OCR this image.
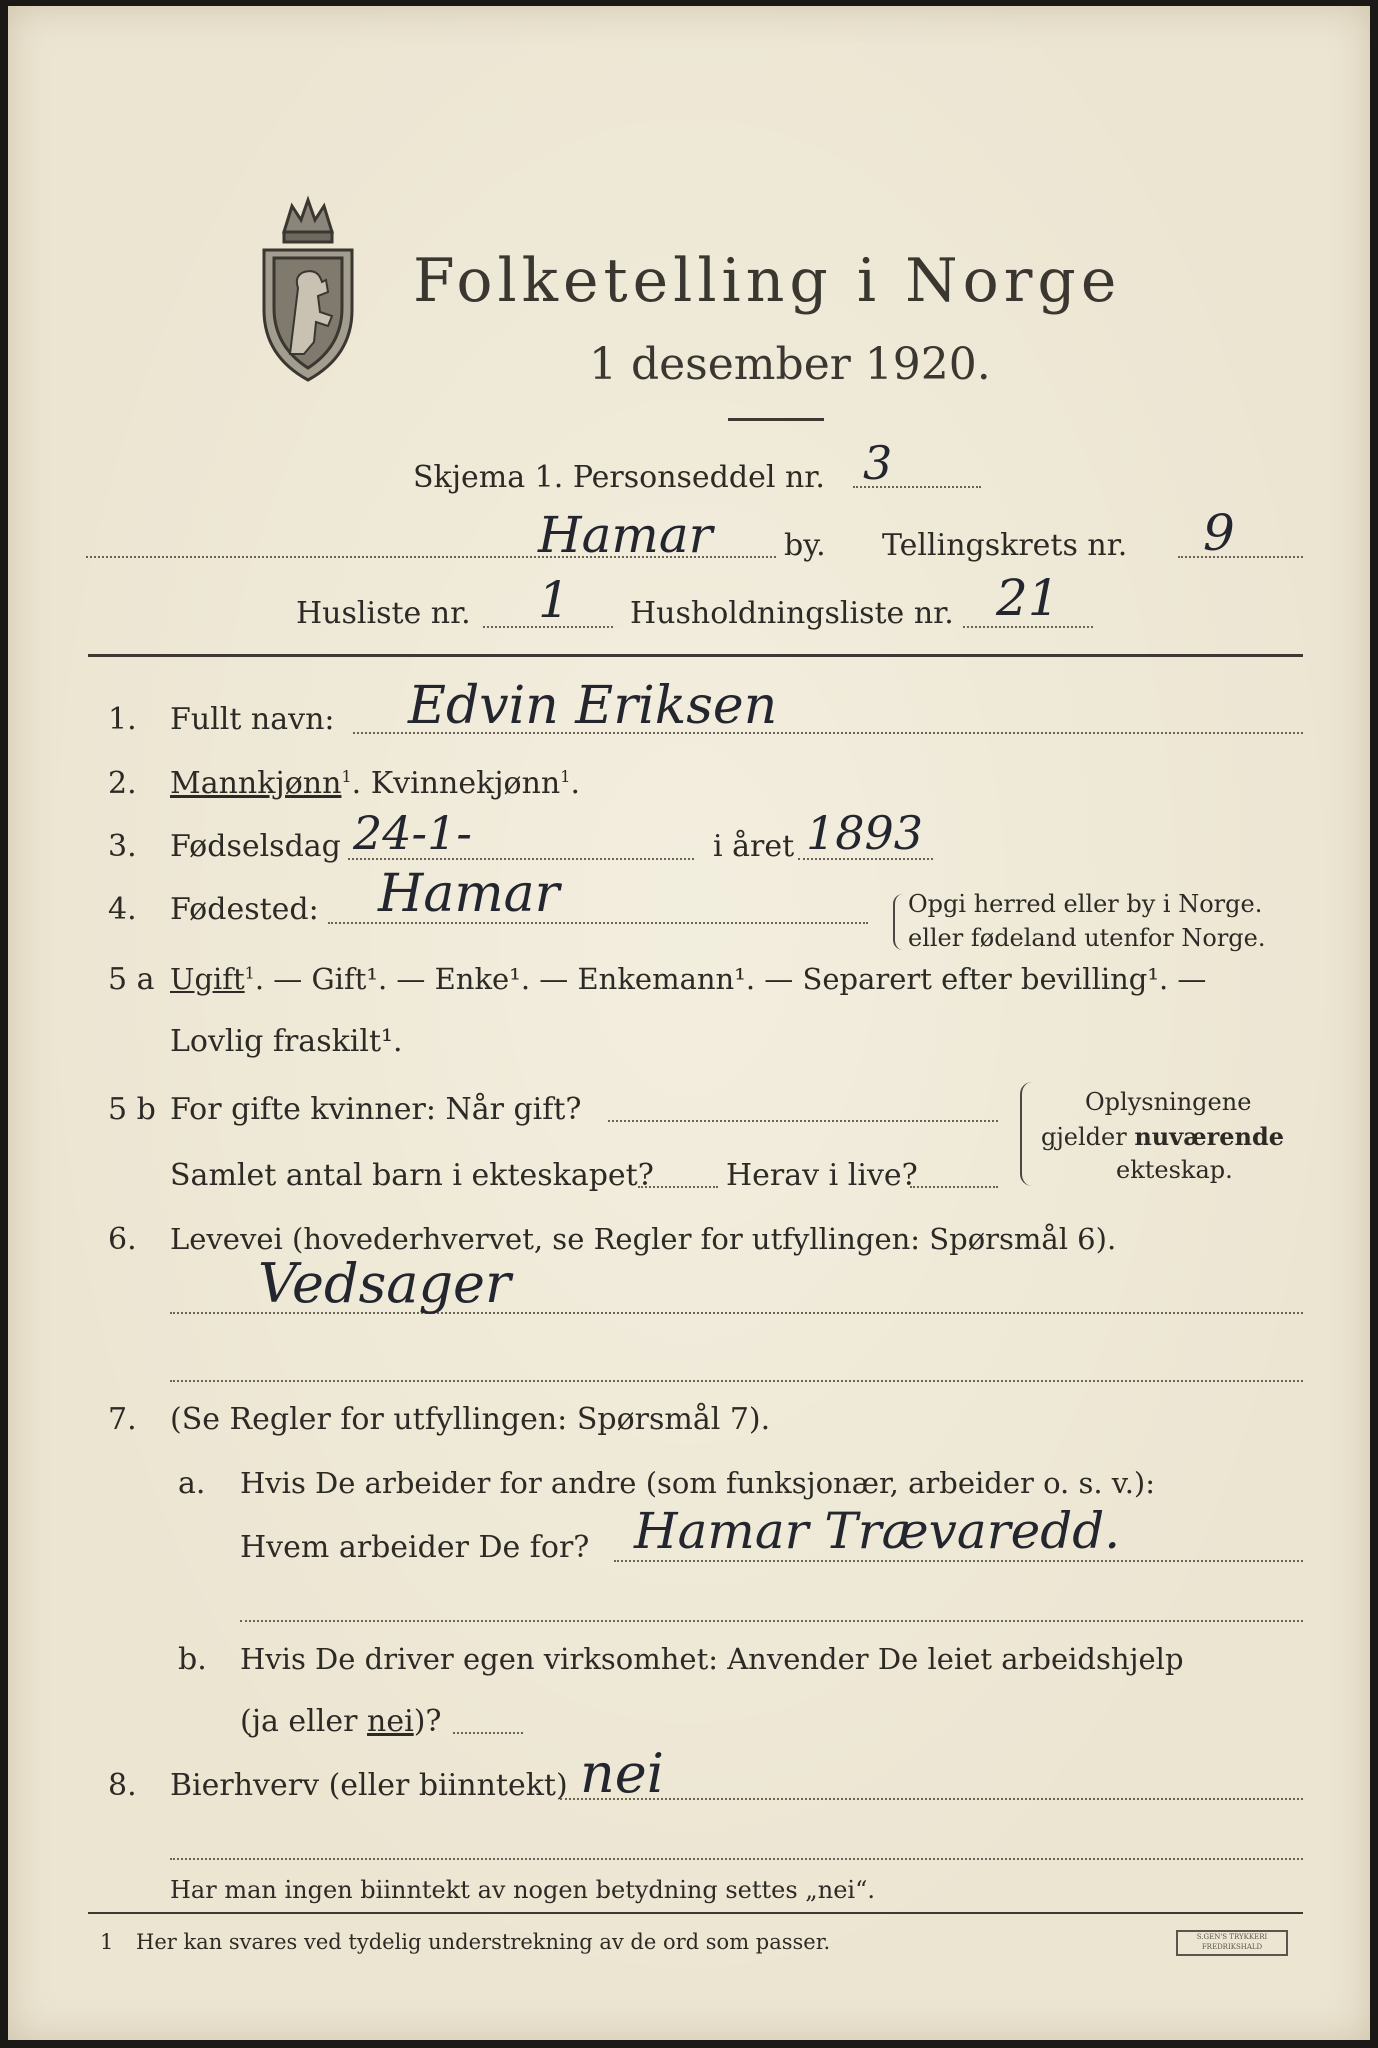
Folketelling i Norge
1 desember 1920.
Skjema 1. Personseddel nr. 3
Hamar by. Tellingskrets nr. 9
Husliste nr. 1 Husholdningsliste nr. 21
1. Fullt navn: Edvin Eriksen
2. Mannkjønn$^1$. Kvinnekjønn$^1$.
3. Fødselsdag 24-1-	i året 1893
4. Fødested: Hamar	Opgi herred eller by i Norge.
eller fødeland utenfor Norge.
5 a Ugift$^1$. — Gift¹. — Enke¹. — Enkemann¹. — Separert efter bevilling¹. —
Lovlig fraskilt¹.
5 b For gifte kvinner: Når gift?
Samlet antal barn i ekteskapet? Herav i live?
Oplysningene
gjelder nuværende
ekteskap.
6. Levevei (hovederhvervet, se Regler for utfyllingen: Spørsmål 6).
Vedsager
7. (Se Regler for utfyllingen: Spørsmål 7).
a. Hvis De arbeider for andre (som funksjonær, arbeider o. s. v.):
Hvem arbeider De for? Hamar Trævaredd.
b. Hvis De driver egen virksomhet: Anvender De leiet arbeidshjelp
(ja eller nei)?
8. Bierhverv (eller biinntekt) nei
Har man ingen biinntekt av nogen betydning settes „nei“.
1 Her kan svares ved tydelig understrekning av de ord som passer.	S.GEN'S TRYKKERI
FREDRIKSHALD
